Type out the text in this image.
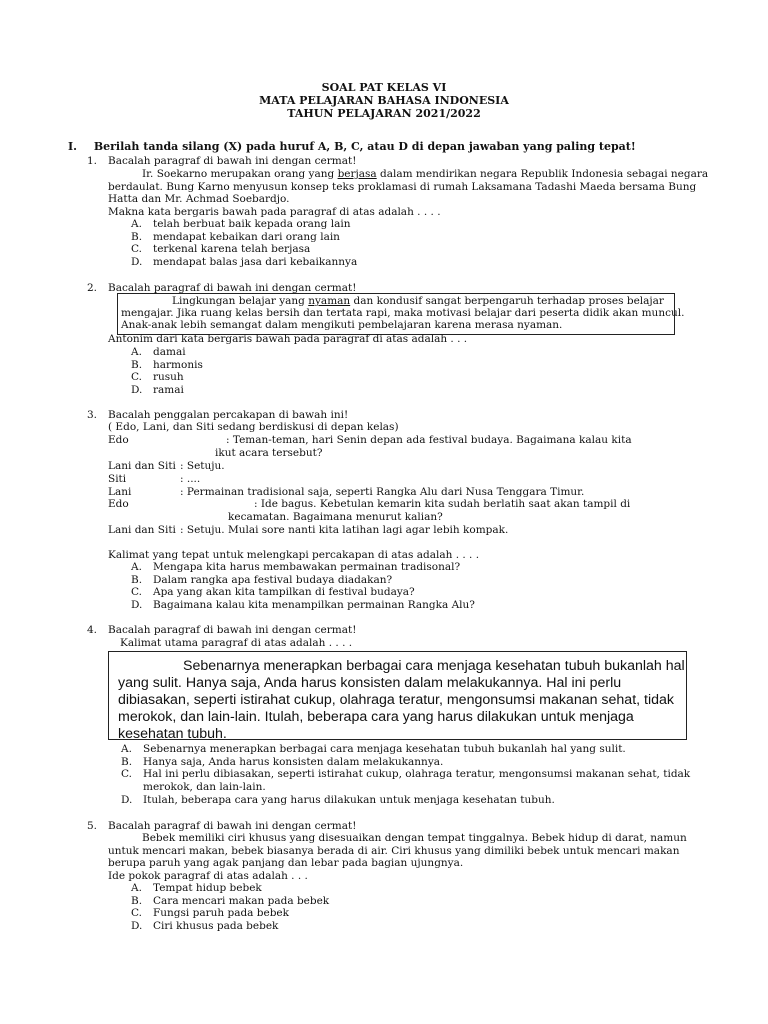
SOAL PAT KELAS VI
MATA PELAJARAN BAHASA INDONESIA
TAHUN PELAJARAN 2021/2022
I. Berilah tanda silang (X) pada huruf A, B, C, atau D di depan jawaban yang paling tepat!
1. Bacalah paragraf di bawah ini dengan cermat!
Ir. Soekarno merupakan orang yang berjasa dalam mendirikan negara Republik Indonesia sebagai negara
berdaulat. Bung Karno menyusun konsep teks proklamasi di rumah Laksamana Tadashi Maeda bersama Bung
Hatta dan Mr. Achmad Soebardjo.
Makna kata bergaris bawah pada paragraf di atas adalah . . . .
A. telah berbuat baik kepada orang lain
B. mendapat kebaikan dari orang lain
C. terkenal karena telah berjasa
D. mendapat balas jasa dari kebaikannya
2. Bacalah paragraf di bawah ini dengan cermat!
Lingkungan belajar yang nyaman dan kondusif sangat berpengaruh terhadap proses belajar
mengajar. Jika ruang kelas bersih dan tertata rapi, maka motivasi belajar dari peserta didik akan muncul.
Anak-anak lebih semangat dalam mengikuti pembelajaran karena merasa nyaman.
Antonim dari kata bergaris bawah pada paragraf di atas adalah . . .
A. damai
B. harmonis
C. rusuh
D. ramai
3. Bacalah penggalan percakapan di bawah ini!
( Edo, Lani, dan Siti sedang berdiskusi di depan kelas)
Edo	: Teman-teman, hari Senin depan ada festival budaya. Bagaimana kalau kita
ikut acara tersebut?
Lani dan Siti : Setuju.
Siti	: ....
Lani	: Permainan tradisional saja, seperti Rangka Alu dari Nusa Tenggara Timur.
Edo	: Ide bagus. Kebetulan kemarin kita sudah berlatih saat akan tampil di
kecamatan. Bagaimana menurut kalian?
Lani dan Siti : Setuju. Mulai sore nanti kita latihan lagi agar lebih kompak.
Kalimat yang tepat untuk melengkapi percakapan di atas adalah . . . .
A. Mengapa kita harus membawakan permainan tradisonal?
B. Dalam rangka apa festival budaya diadakan?
C. Apa yang akan kita tampilkan di festival budaya?
D. Bagaimana kalau kita menampilkan permainan Rangka Alu?
4. Bacalah paragraf di bawah ini dengan cermat!
Kalimat utama paragraf di atas adalah . . . .
Sebenarnya menerapkan berbagai cara menjaga kesehatan tubuh bukanlah hal
yang sulit. Hanya saja, Anda harus konsisten dalam melakukannya. Hal ini perlu
dibiasakan, seperti istirahat cukup, olahraga teratur, mengonsumsi makanan sehat, tidak
merokok, dan lain-lain. Itulah, beberapa cara yang harus dilakukan untuk menjaga
kesehatan tubuh.
A. Sebenarnya menerapkan berbagai cara menjaga kesehatan tubuh bukanlah hal yang sulit.
B. Hanya saja, Anda harus konsisten dalam melakukannya.
C. Hal ini perlu dibiasakan, seperti istirahat cukup, olahraga teratur, mengonsumsi makanan sehat, tidak
merokok, dan lain-lain.
D. Itulah, beberapa cara yang harus dilakukan untuk menjaga kesehatan tubuh.
5. Bacalah paragraf di bawah ini dengan cermat!
Bebek memiliki ciri khusus yang disesuaikan dengan tempat tinggalnya. Bebek hidup di darat, namun
untuk mencari makan, bebek biasanya berada di air. Ciri khusus yang dimiliki bebek untuk mencari makan
berupa paruh yang agak panjang dan lebar pada bagian ujungnya.
Ide pokok paragraf di atas adalah . . .
A. Tempat hidup bebek
B. Cara mencari makan pada bebek
C. Fungsi paruh pada bebek
D. Ciri khusus pada bebek
